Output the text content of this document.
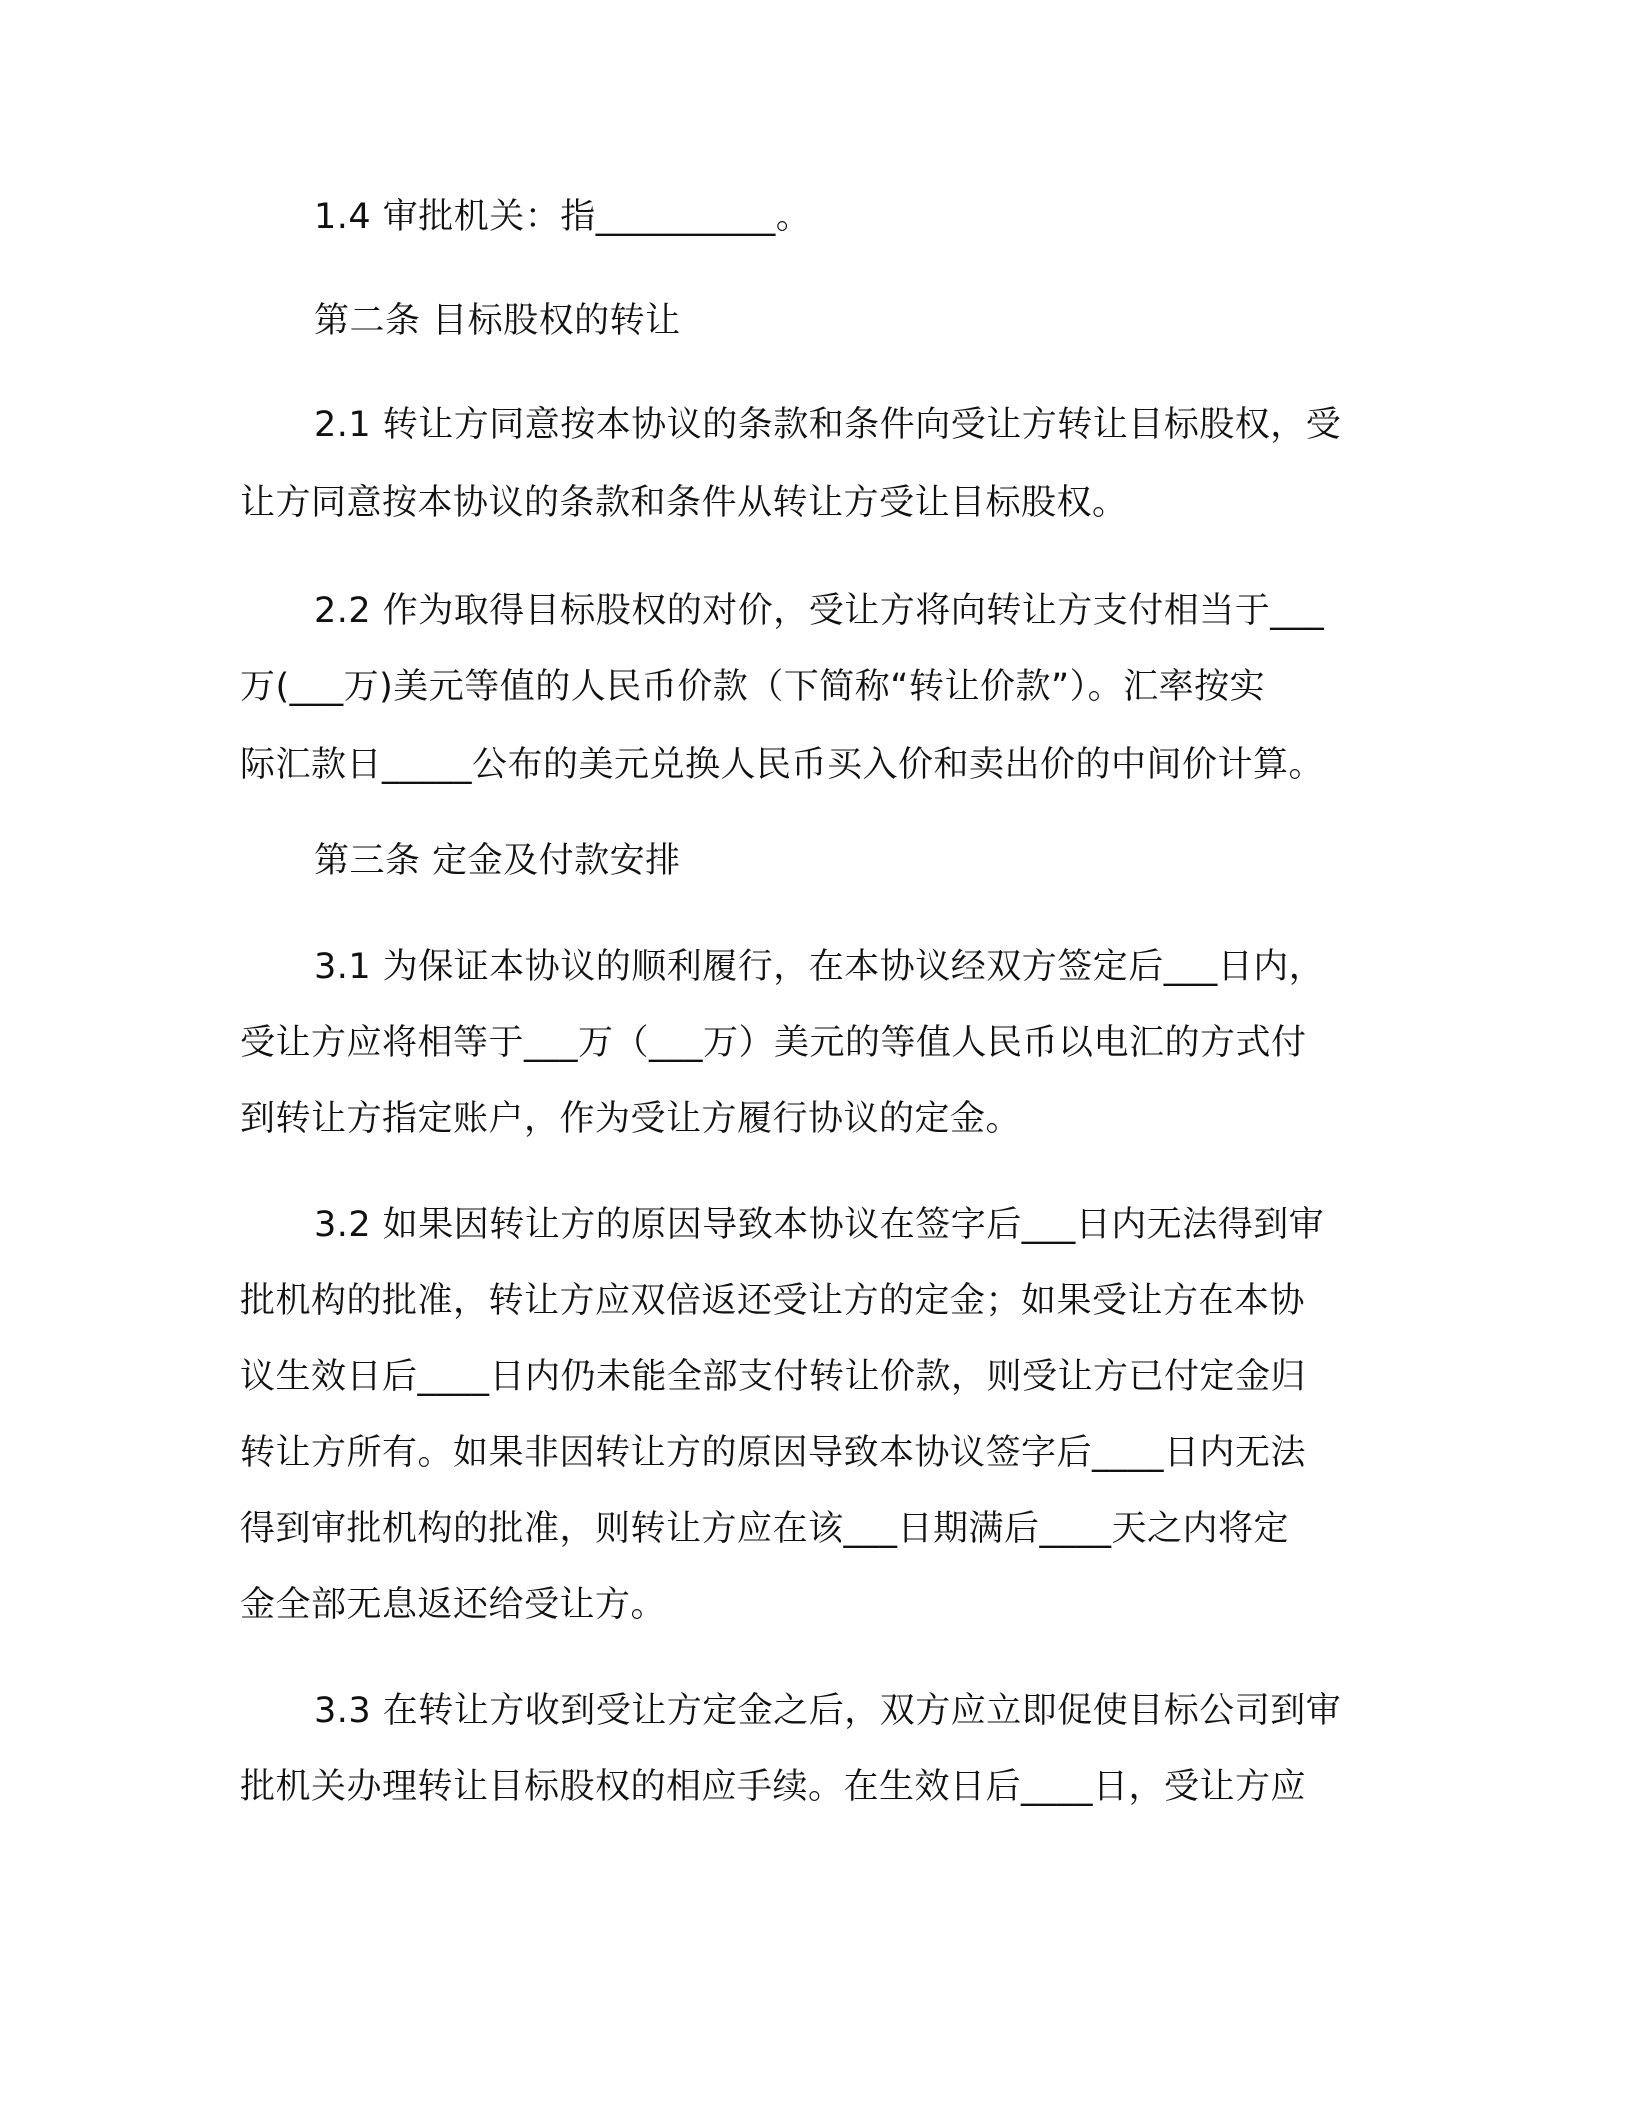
1.4 审批机关：指__________。
第二条 目标股权的转让
2.1 转让方同意按本协议的条款和条件向受让方转让目标股权，受
让方同意按本协议的条款和条件从转让方受让目标股权。
2.2 作为取得目标股权的对价，受让方将向转让方支付相当于___
万(___万)美元等值的人民币价款（下简称“转让价款”）。汇率按实
际汇款日_____公布的美元兑换人民币买入价和卖出价的中间价计算。
第三条 定金及付款安排
3.1 为保证本协议的顺利履行，在本协议经双方签定后___日内，
受让方应将相等于___万（___万）美元的等值人民币以电汇的方式付
到转让方指定账户，作为受让方履行协议的定金。
3.2 如果因转让方的原因导致本协议在签字后___日内无法得到审
批机构的批准，转让方应双倍返还受让方的定金；如果受让方在本协
议生效日后____日内仍未能全部支付转让价款，则受让方已付定金归
转让方所有。如果非因转让方的原因导致本协议签字后____日内无法
得到审批机构的批准，则转让方应在该___日期满后____天之内将定
金全部无息返还给受让方。
3.3 在转让方收到受让方定金之后，双方应立即促使目标公司到审
批机关办理转让目标股权的相应手续。在生效日后____日，受让方应
